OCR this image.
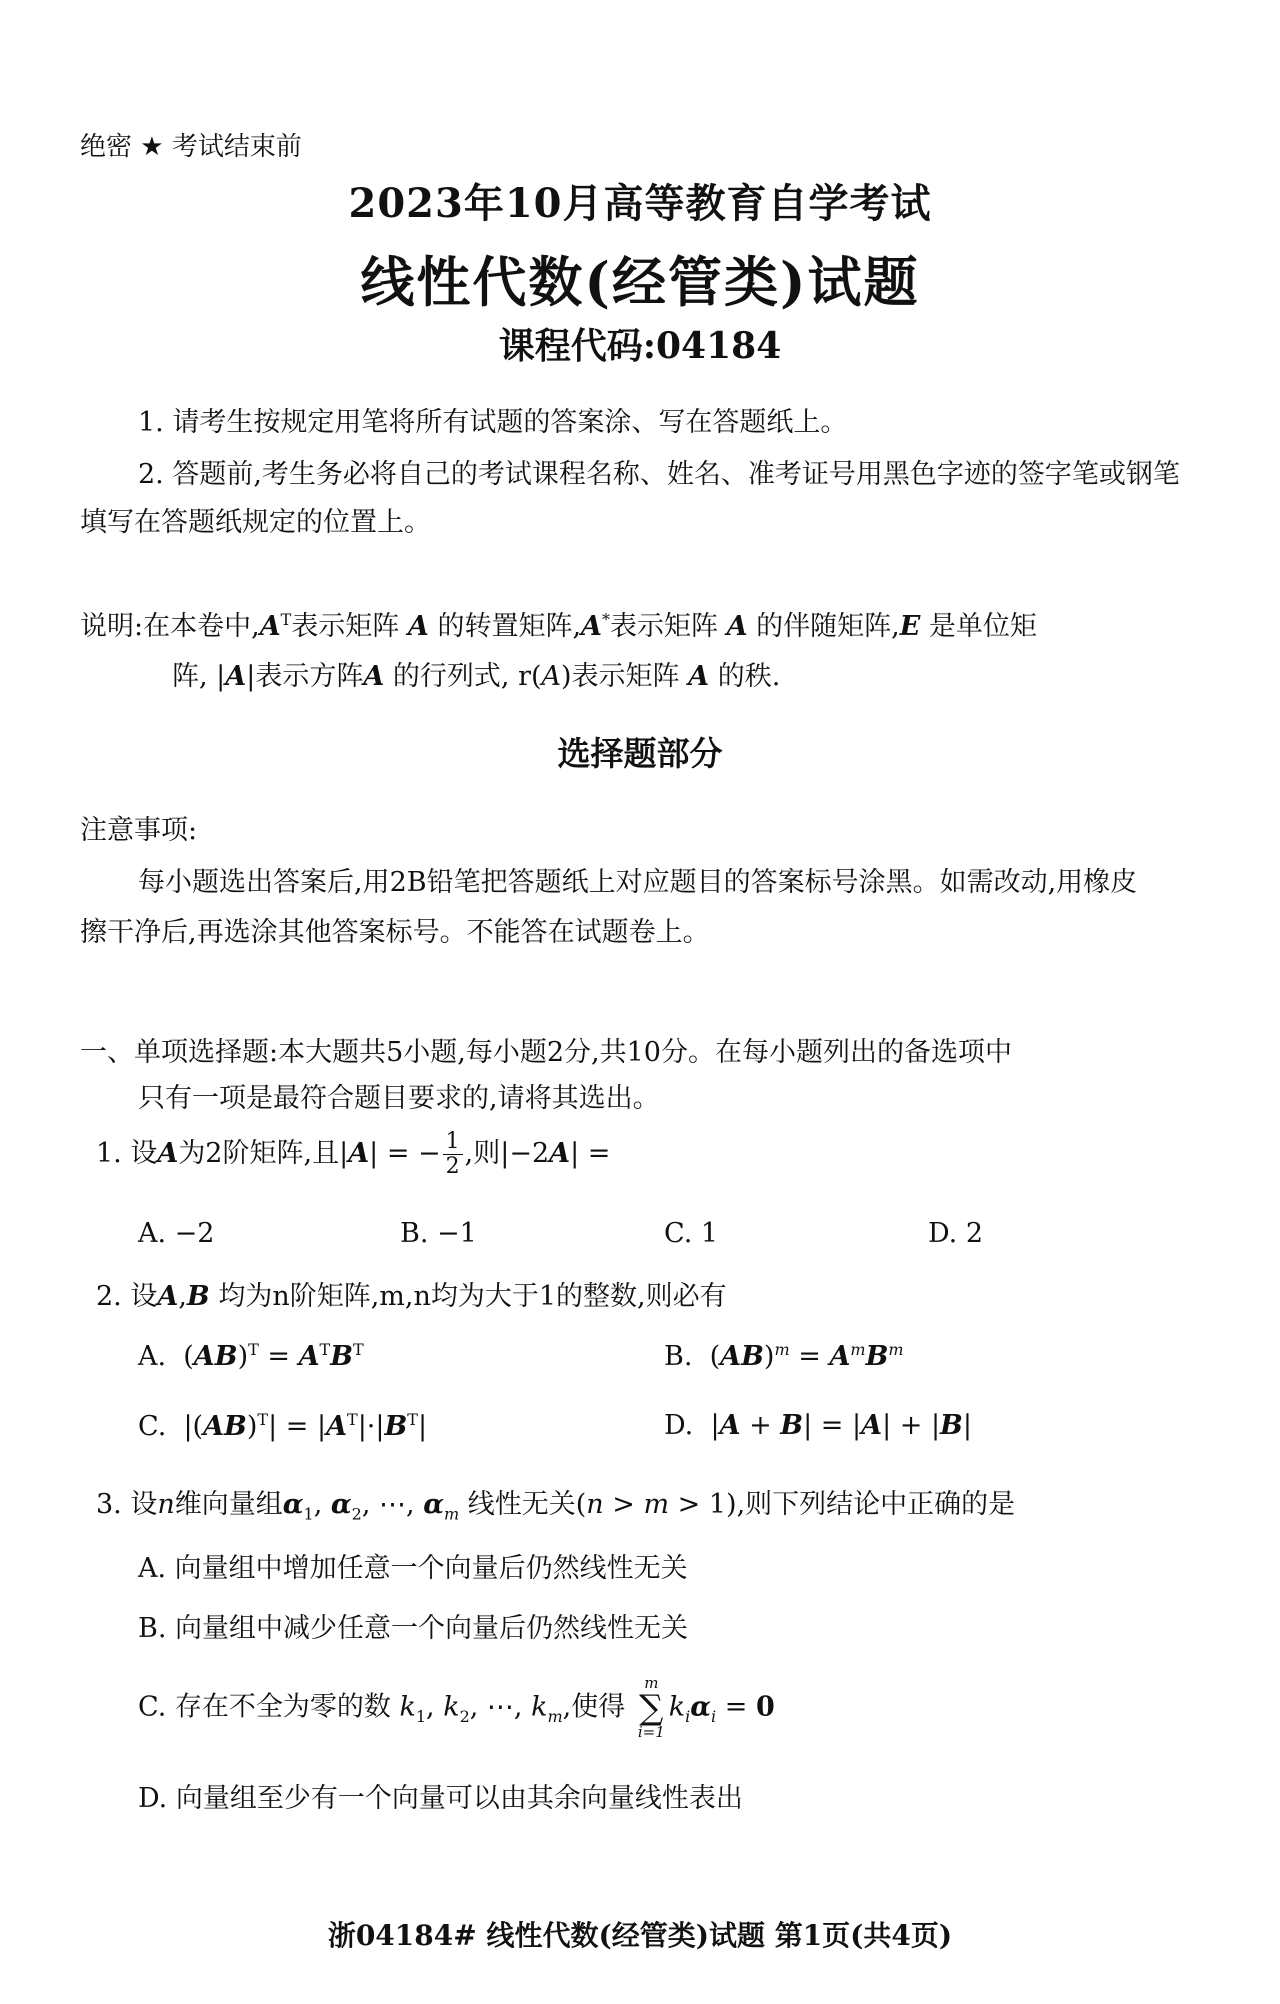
绝密 ★ 考试结束前
2023年10月高等教育自学考试
线性代数(经管类)试题
课程代码:04184
1. 请考生按规定用笔将所有试题的答案涂、写在答题纸上。
2. 答题前,考生务必将自己的考试课程名称、姓名、准考证号用黑色字迹的签字笔或钢笔
填写在答题纸规定的位置上。
说明:在本卷中$,A^T$表示矩阵 A 的转置矩阵,A*表示矩阵 A 的伴随矩阵,E 是单位矩
阵, |A|表示方阵A 的行列式, r(A)表示矩阵 A 的秩.
选择题部分
注意事项:
每小题选出答案后,用2B铅笔把答题纸上对应题目的答案标号涂黑。如需改动,用橡皮
擦干净后,再选涂其他答案标号。不能答在试题卷上。
一、单项选择题:本大题共5小题,每小题2分,共10分。在每小题列出的备选项中
只有一项是最符合题目要求的,请将其选出。
1. 设A为2阶矩阵,且|A| = − $\frac{1}{2}$ ,则|−2A| =
A. −2	B. −1	C. 1	D. 2
2. 设A,B 均为n阶矩阵,m,n均为大于1的整数,则必有
A.  $(AB)^T = A^TB^T$	B.  $(AB)^m = A^mB^m$
C.  $|(AB)^T| = |A^T|\cdot|B^T|$	D.  |A + B| = |A| + |B|
3. 设n维向量组$\alpha_1$, $\alpha_2$, ⋯, $\alpha_m$ 线性无关(n > m > 1),则下列结论中正确的是
A. 向量组中增加任意一个向量后仍然线性无关
B. 向量组中减少任意一个向量后仍然线性无关
C. 存在不全为零的数 $k_1$, $k_2$, ⋯, $k_m$,使得
m
∑
i=1
$k_i\alpha_i = 0$
D. 向量组至少有一个向量可以由其余向量线性表出
浙04184# 线性代数(经管类)试题 第1页(共4页)
